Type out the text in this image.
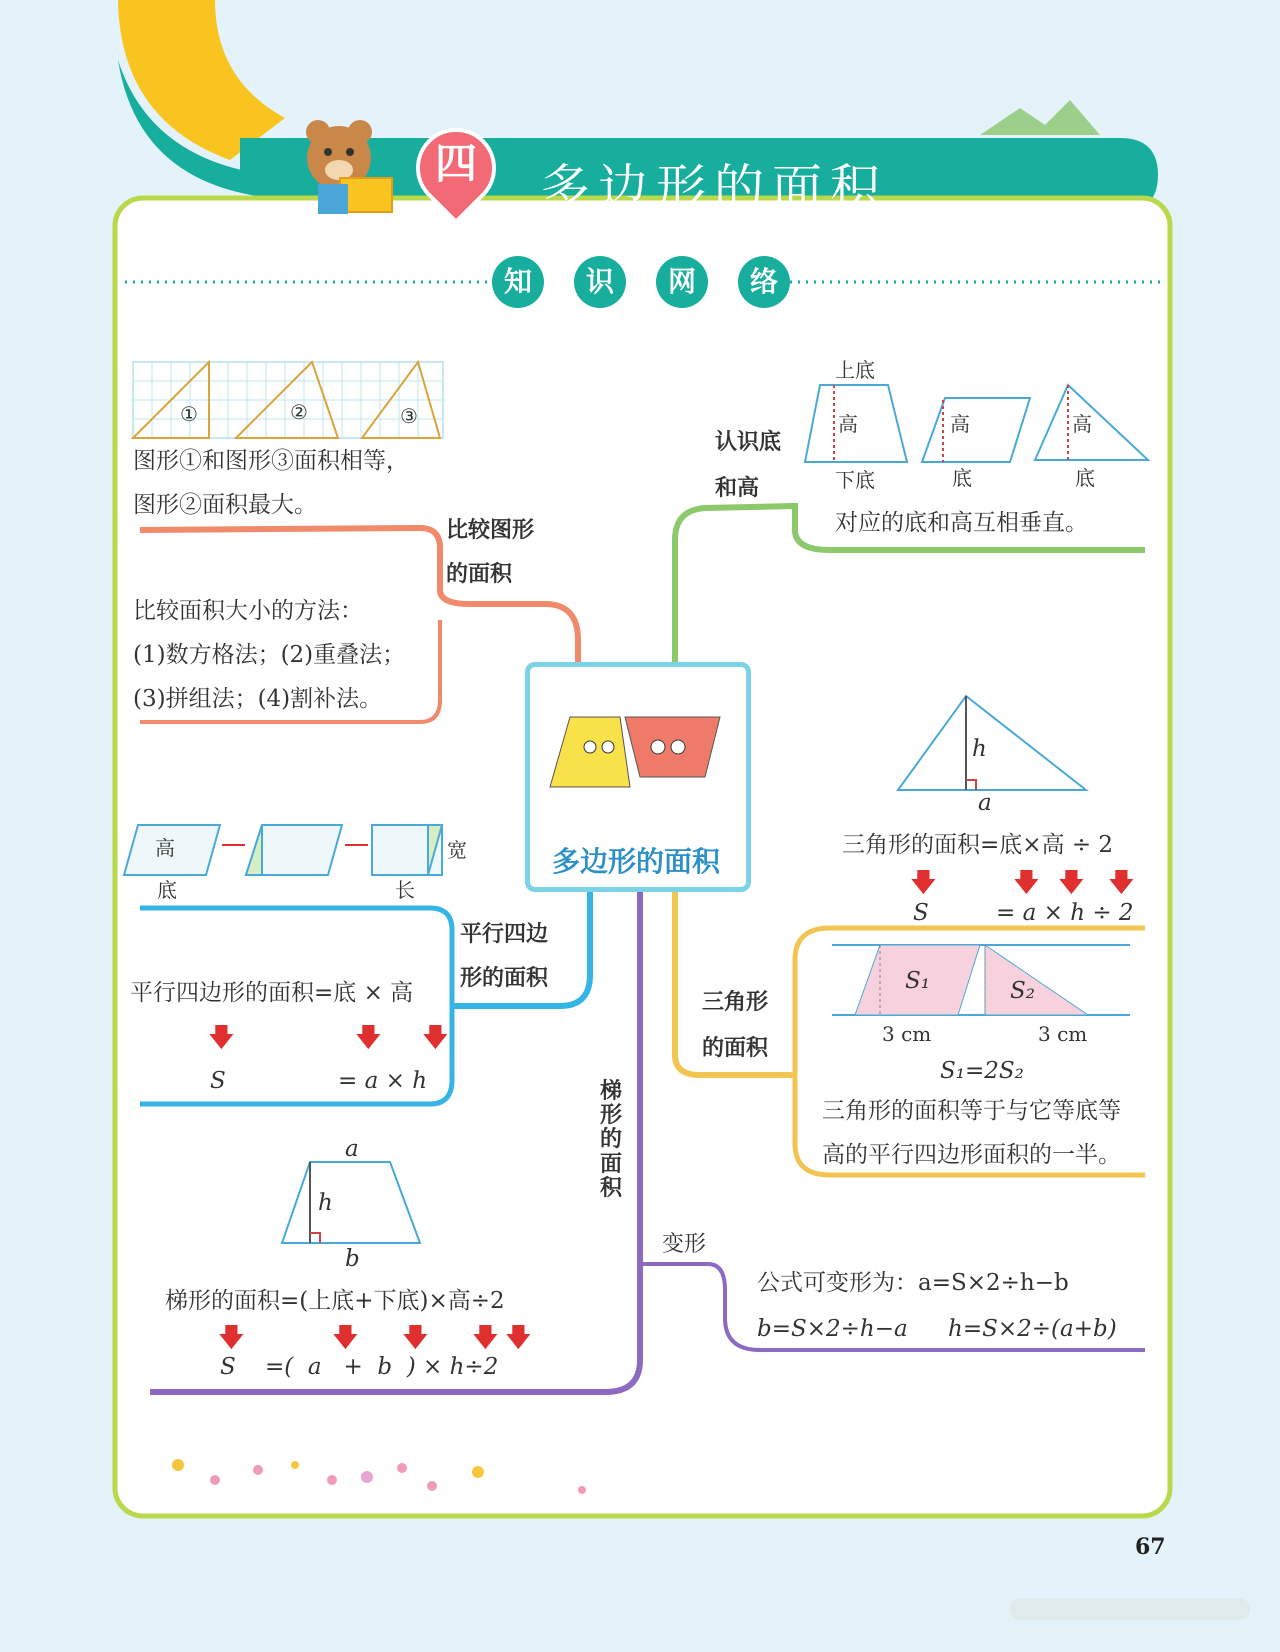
四	多边形的面积
知	识	网	络
多边形的面积
①	②	③
图形①和图形③面积相等，
图形②面积最大。
比较图形
的面积
比较面积大小的方法：
(1)数方格法；(2)重叠法；
(3)拼组法；(4)割补法。
认识底
和高
上底
高
下底
高
底
高
底
对应的底和高互相垂直。
高
底	长
宽
平行四边
形的面积
平行四边形的面积=底 × 高
🡇	🡇 🡇
S	= a × h
h
a
三角形的面积=底×高 ÷ 2
🡇	🡇 🡇 🡇
S	= a × h ÷ 2
三角形
的面积
S₁	S₂
3 cm	3 cm
S₁=2S₂
三角形的面积等于与它等底等
高的平行四边形面积的一半。
a
h
b
梯形的面积
梯形的面积=(上底+下底)×高÷2
🡇	🡇 🡇 🡇 🡇
S    =(  a   +  b  ) × h÷2
变形
公式可变形为：a=S×2÷h−b
b=S×2÷h−a h=S×2÷(a+b)
67
